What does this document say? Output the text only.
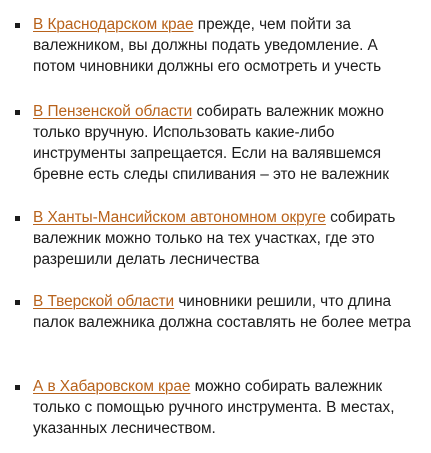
В Краснодарском крае прежде, чем пойти за валежником, вы должны подать уведомление. А потом чиновники должны его осмотреть и учесть

В Пензенской области собирать валежник можно только вручную. Использовать какие-либо инструменты запрещается. Если на валявшемся бревне есть следы спиливания – это не валежник

В Ханты-Мансийском автономном округе собирать валежник можно только на тех участках, где это разрешили делать лесничества

В Тверской области чиновники решили, что длина палок валежника должна составлять не более метра

А в Хабаровском крае можно собирать валежник только с помощью ручного инструмента. В местах, указанных лесничеством.
